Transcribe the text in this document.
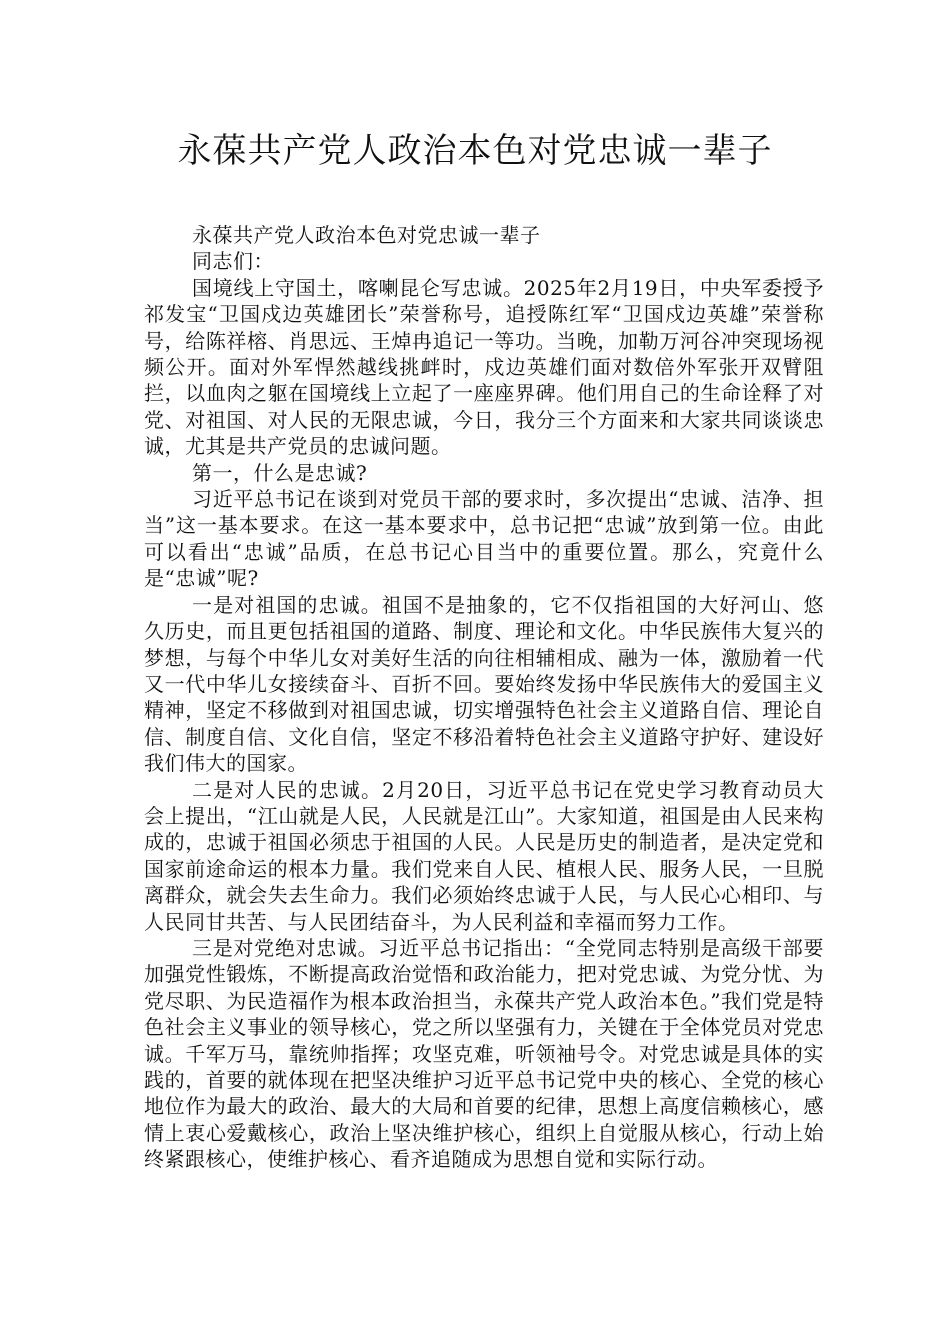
永葆共产党人政治本色对党忠诚一辈子

永葆共产党人政治本色对党忠诚一辈子

同志们：

国境线上守国土，喀喇昆仑写忠诚。2025年2月19日，中央军委授予祁发宝“卫国戍边英雄团长”荣誉称号，追授陈红军“卫国戍边英雄”荣誉称号，给陈祥榕、肖思远、王焯冉追记一等功。当晚，加勒万河谷冲突现场视频公开。面对外军悍然越线挑衅时，戍边英雄们面对数倍外军张开双臂阻拦，以血肉之躯在国境线上立起了一座座界碑。他们用自己的生命诠释了对党、对祖国、对人民的无限忠诚，今日，我分三个方面来和大家共同谈谈忠诚，尤其是共产党员的忠诚问题。

第一，什么是忠诚?

习近平总书记在谈到对党员干部的要求时，多次提出“忠诚、洁净、担当”这一基本要求。在这一基本要求中，总书记把“忠诚”放到第一位。由此可以看出“忠诚”品质，在总书记心目当中的重要位置。那么，究竟什么是“忠诚”呢?

一是对祖国的忠诚。祖国不是抽象的，它不仅指祖国的大好河山、悠久历史，而且更包括祖国的道路、制度、理论和文化。中华民族伟大复兴的梦想，与每个中华儿女对美好生活的向往相辅相成、融为一体，激励着一代又一代中华儿女接续奋斗、百折不回。要始终发扬中华民族伟大的爱国主义精神，坚定不移做到对祖国忠诚，切实增强特色社会主义道路自信、理论自信、制度自信、文化自信，坚定不移沿着特色社会主义道路守护好、建设好我们伟大的国家。

二是对人民的忠诚。2月20日，习近平总书记在党史学习教育动员大会上提出，“江山就是人民，人民就是江山”。大家知道，祖国是由人民来构成的，忠诚于祖国必须忠于祖国的人民。人民是历史的制造者，是决定党和国家前途命运的根本力量。我们党来自人民、植根人民、服务人民，一旦脱离群众，就会失去生命力。我们必须始终忠诚于人民，与人民心心相印、与人民同甘共苦、与人民团结奋斗，为人民利益和幸福而努力工作。

三是对党绝对忠诚。习近平总书记指出：“全党同志特别是高级干部要加强党性锻炼，不断提高政治觉悟和政治能力，把对党忠诚、为党分忧、为党尽职、为民造福作为根本政治担当，永葆共产党人政治本色。”我们党是特色社会主义事业的领导核心，党之所以坚强有力，关键在于全体党员对党忠诚。千军万马，靠统帅指挥；攻坚克难，听领袖号令。对党忠诚是具体的实践的，首要的就体现在把坚决维护习近平总书记党中央的核心、全党的核心地位作为最大的政治、最大的大局和首要的纪律，思想上高度信赖核心，感情上衷心爱戴核心，政治上坚决维护核心，组织上自觉服从核心，行动上始终紧跟核心，使维护核心、看齐追随成为思想自觉和实际行动。
